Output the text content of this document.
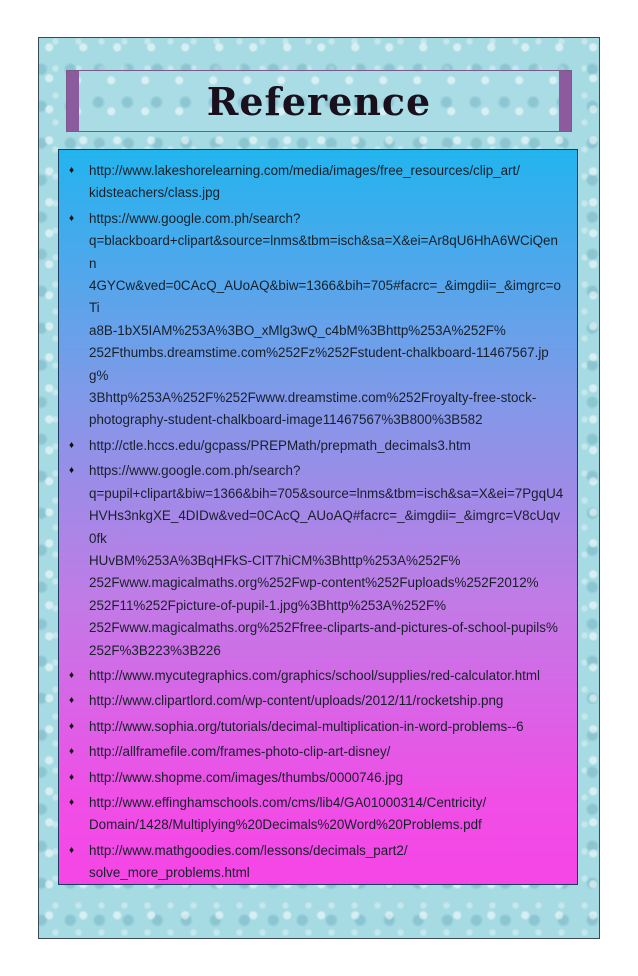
Reference
♦ http://www.lakeshorelearning.com/media/images/free_resources/clip_art/
kidsteachers/class.jpg
♦ https://www.google.com.ph/search?
q=blackboard+clipart&source=lnms&tbm=isch&sa=X&ei=Ar8qU6HhA6WCiQenn
4GYCw&ved=0CAcQ_AUoAQ&biw=1366&bih=705#facrc=_&imgdii=_&imgrc=oTi
a8B-1bX5IAM%253A%3BO_xMlg3wQ_c4bM%3Bhttp%253A%252F%
252Fthumbs.dreamstime.com%252Fz%252Fstudent-chalkboard-11467567.jpg%
3Bhttp%253A%252F%252Fwww.dreamstime.com%252Froyalty-free-stock-
photography-student-chalkboard-image11467567%3B800%3B582
♦ http://ctle.hccs.edu/gcpass/PREPMath/prepmath_decimals3.htm
♦ https://www.google.com.ph/search?
q=pupil+clipart&biw=1366&bih=705&source=lnms&tbm=isch&sa=X&ei=7PgqU4
HVHs3nkgXE_4DIDw&ved=0CAcQ_AUoAQ#facrc=_&imgdii=_&imgrc=V8cUqv0fk
HUvBM%253A%3BqHFkS-CIT7hiCM%3Bhttp%253A%252F%
252Fwww.magicalmaths.org%252Fwp-content%252Fuploads%252F2012%
252F11%252Fpicture-of-pupil-1.jpg%3Bhttp%253A%252F%
252Fwww.magicalmaths.org%252Ffree-cliparts-and-pictures-of-school-pupils%
252F%3B223%3B226
♦ http://www.mycutegraphics.com/graphics/school/supplies/red-calculator.html
♦ http://www.clipartlord.com/wp-content/uploads/2012/11/rocketship.png
♦ http://www.sophia.org/tutorials/decimal-multiplication-in-word-problems--6
♦ http://allframefile.com/frames-photo-clip-art-disney/
♦ http://www.shopme.com/images/thumbs/0000746.jpg
♦ http://www.effinghamschools.com/cms/lib4/GA01000314/Centricity/
Domain/1428/Multiplying%20Decimals%20Word%20Problems.pdf
♦ http://www.mathgoodies.com/lessons/decimals_part2/
solve_more_problems.html
